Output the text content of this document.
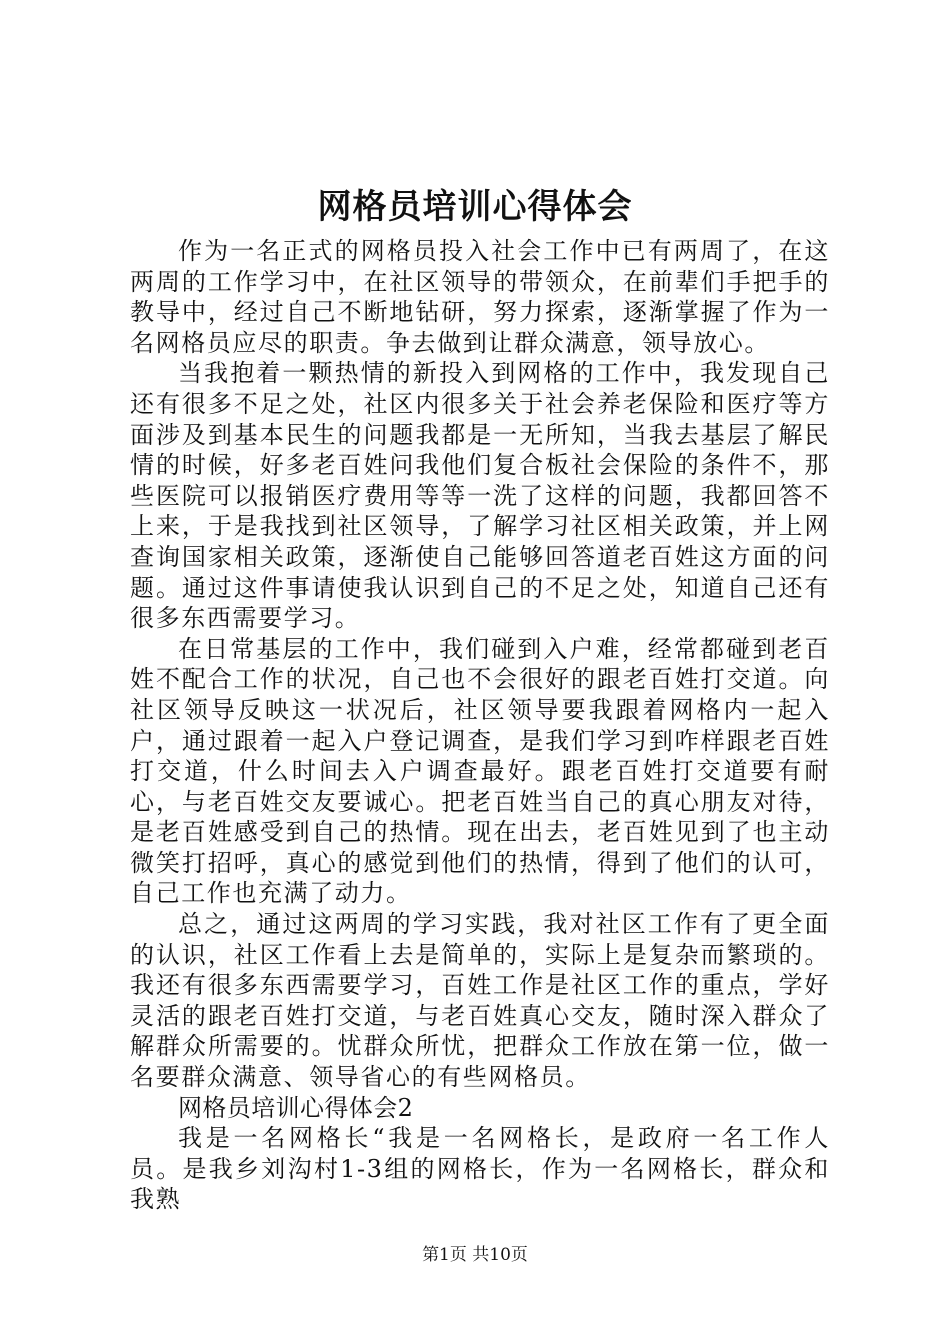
网格员培训心得体会

作为一名正式的网格员投入社会工作中已有两周了，在这两周的工作学习中，在社区领导的带领众，在前辈们手把手的教导中，经过自己不断地钻研，努力探索，逐渐掌握了作为一名网格员应尽的职责。争去做到让群众满意，领导放心。

当我抱着一颗热情的新投入到网格的工作中，我发现自己还有很多不足之处，社区内很多关于社会养老保险和医疗等方面涉及到基本民生的问题我都是一无所知，当我去基层了解民情的时候，好多老百姓问我他们复合板社会保险的条件不，那些医院可以报销医疗费用等等一洗了这样的问题，我都回答不上来，于是我找到社区领导，了解学习社区相关政策，并上网查询国家相关政策，逐渐使自己能够回答道老百姓这方面的问题。通过这件事请使我认识到自己的不足之处，知道自己还有很多东西需要学习。

在日常基层的工作中，我们碰到入户难，经常都碰到老百姓不配合工作的状况，自己也不会很好的跟老百姓打交道。向社区领导反映这一状况后，社区领导要我跟着网格内一起入户，通过跟着一起入户登记调查，是我们学习到咋样跟老百姓打交道，什么时间去入户调查最好。跟老百姓打交道要有耐心，与老百姓交友要诚心。把老百姓当自己的真心朋友对待，是老百姓感受到自己的热情。现在出去，老百姓见到了也主动微笑打招呼，真心的感觉到他们的热情，得到了他们的认可，自己工作也充满了动力。

总之，通过这两周的学习实践，我对社区工作有了更全面的认识，社区工作看上去是简单的，实际上是复杂而繁琐的。我还有很多东西需要学习，百姓工作是社区工作的重点，学好灵活的跟老百姓打交道，与老百姓真心交友，随时深入群众了解群众所需要的。忧群众所忧，把群众工作放在第一位，做一名要群众满意、领导省心的有些网格员。

网格员培训心得体会2

我是一名网格长“我是一名网格长，是政府一名工作人员。是我乡刘沟村1-3组的网格长，作为一名网格长，群众和我熟

第1页 共10页
